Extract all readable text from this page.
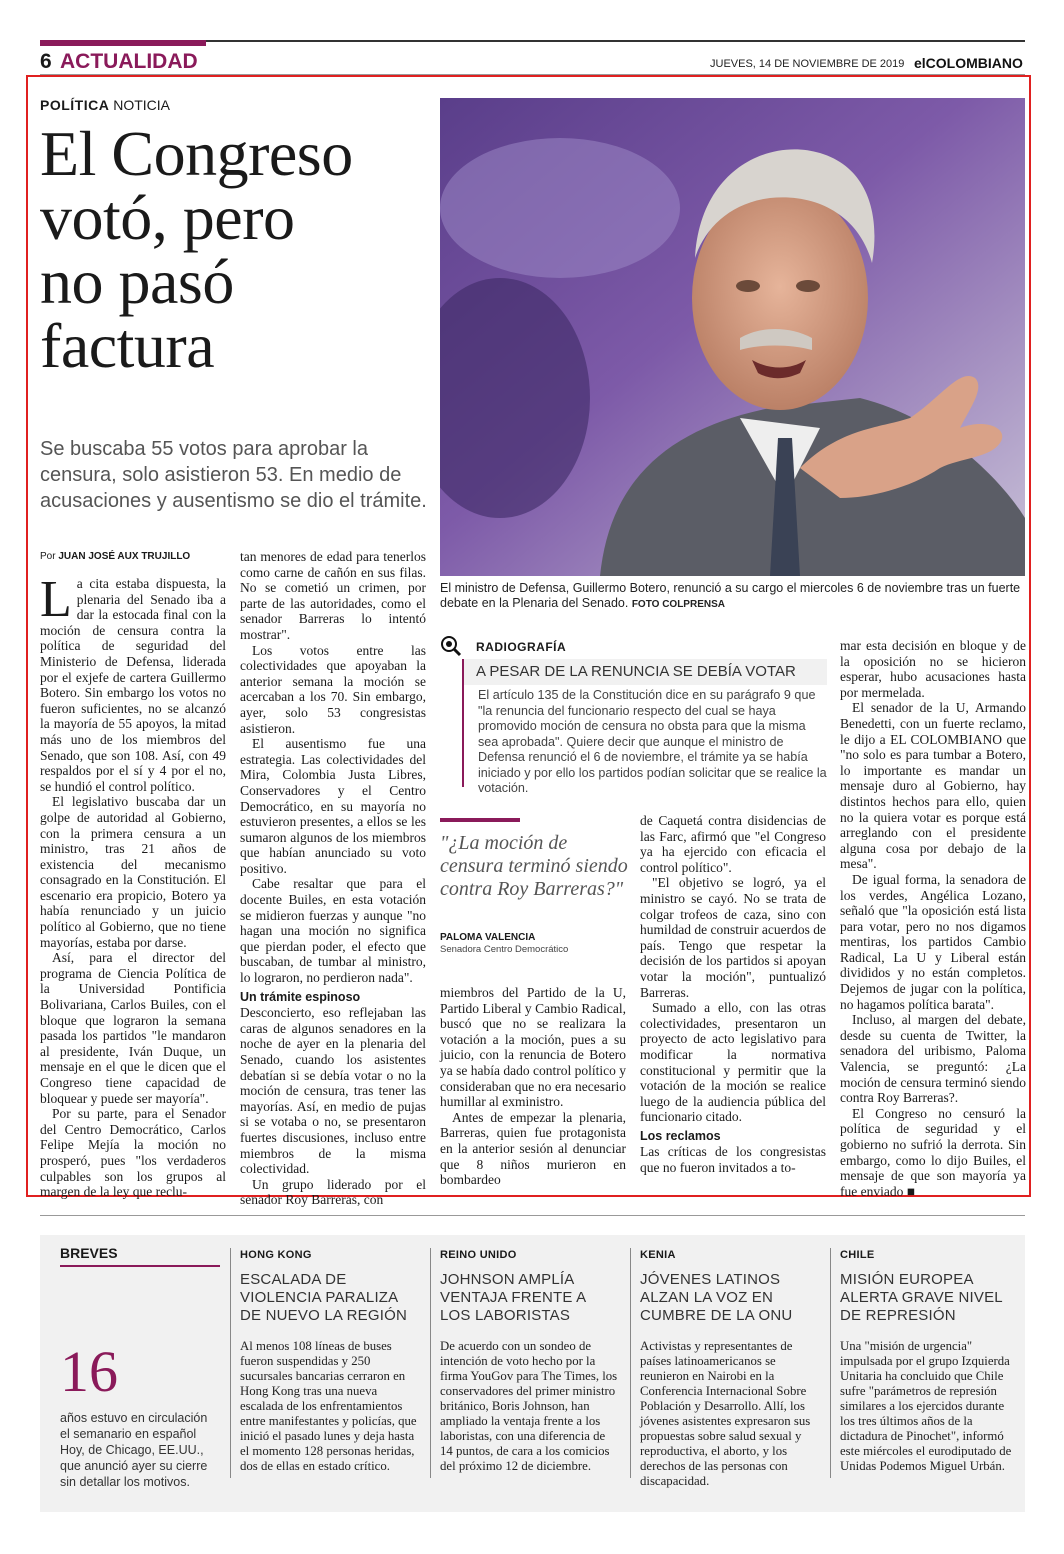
6 ACTUALIDAD	JUEVES, 14 DE NOVIEMBRE DE 2019 elCOLOMBIANO
POLÍTICA NOTICIA
El Congreso
votó, pero
no pasó
factura
Se buscaba 55 votos para aprobar la censura, solo asistieron 53. En medio de acusaciones y ausentismo se dio el trámite.
El ministro de Defensa, Guillermo Botero, renunció a su cargo el miercoles 6 de noviembre tras un fuerte debate en la Plenaria del Senado. FOTO COLPRENSA
Por JUAN JOSÉ AUX TRUJILLO

La cita estaba dispuesta, la plenaria del Senado iba a dar la estocada final con la moción de censura contra la política de seguridad del Ministerio de Defensa, liderada por el exjefe de cartera Guillermo Botero. Sin embargo los votos no fueron suficientes, no se alcanzó la mayoría de 55 apoyos, la mitad más uno de los miembros del Senado, que son 108. Así, con 49 respaldos por el sí y 4 por el no, se hundió el control político.

El legislativo buscaba dar un golpe de autoridad al Gobierno, con la primera censura a un ministro, tras 21 años de existencia del mecanismo consagrado en la Constitución. El escenario era propicio, Botero ya había renunciado y un juicio político al Gobierno, que no tiene mayorías, estaba por darse.

Así, para el director del programa de Ciencia Política de la Universidad Pontificia Bolivariana, Carlos Builes, con el bloque que lograron la semana pasada los partidos "le mandaron al presidente, Iván Duque, un mensaje en el que le dicen que el Congreso tiene capacidad de bloquear y puede ser mayoría".

Por su parte, para el Senador del Centro Democrático, Carlos Felipe Mejía la moción no prosperó, pues "los verdaderos culpables son los grupos al margen de la ley que reclu-

tan menores de edad para tenerlos como carne de cañón en sus filas. No se cometió un crimen, por parte de las autoridades, como el senador Barreras lo intentó mostrar".

Los votos entre las colectividades que apoyaban la anterior semana la moción se acercaban a los 70. Sin embargo, ayer, solo 53 congresistas asistieron.

El ausentismo fue una estrategia. Las colectividades del Mira, Colombia Justa Libres, Conservadores y el Centro Democrático, en su mayoría no estuvieron presentes, a ellos se les sumaron algunos de los miembros que habían anunciado su voto positivo.

Cabe resaltar que para el docente Builes, en esta votación se midieron fuerzas y aunque "no hagan una moción no significa que pierdan poder, el efecto que buscaban, de tumbar al ministro, lo lograron, no perdieron nada".

Un trámite espinoso

Desconcierto, eso reflejaban las caras de algunos senadores en la noche de ayer en la plenaria del Senado, cuando los asistentes debatían si se debía votar o no la moción de censura, tras tener las mayorías. Así, en medio de pujas si se votaba o no, se presentaron fuertes discusiones, incluso entre miembros de la misma colectividad.

Un grupo liderado por el senador Roy Barreras, con

RADIOGRAFÍA
A PESAR DE LA RENUNCIA SE DEBÍA VOTAR
El artículo 135 de la Constitución dice en su parágrafo 9 que "la renuncia del funcionario respecto del cual se haya promovido moción de censura no obsta para que la misma sea aprobada". Quiere decir que aunque el ministro de Defensa renunció el 6 de noviembre, el trámite ya se había iniciado y por ello los partidos podían solicitar que se realice la votación.
"¿La moción de censura terminó siendo contra Roy Barreras?"
PALOMA VALENCIA
Senadora Centro Democrático

miembros del Partido de la U, Partido Liberal y Cambio Radical, buscó que no se realizara la votación a la moción, pues a su juicio, con la renuncia de Botero ya se había dado control político y consideraban que no era necesario humillar al exministro.

Antes de empezar la plenaria, Barreras, quien fue protagonista en la anterior sesión al denunciar que 8 niños murieron en bombardeo

de Caquetá contra disidencias de las Farc, afirmó que "el Congreso ya ha ejercido con eficacia el control político".

"El objetivo se logró, ya el ministro se cayó. No se trata de colgar trofeos de caza, sino con humildad de construir acuerdos de país. Tengo que respetar la decisión de los partidos si apoyan votar la moción", puntualizó Barreras.

Sumado a ello, con las otras colectividades, presentaron un proyecto de acto legislativo para modificar la normativa constitucional y permitir que la votación de la moción se realice luego de la audiencia pública del funcionario citado.

Los reclamos

Las críticas de los congresistas que no fueron invitados a to-

mar esta decisión en bloque y de la oposición no se hicieron esperar, hubo acusaciones hasta por mermelada.

El senador de la U, Armando Benedetti, con un fuerte reclamo, le dijo a EL COLOMBIANO que "no solo es para tumbar a Botero, lo importante es mandar un mensaje duro al Gobierno, hay distintos hechos para ello, quien no la quiera votar es porque está arreglando con el presidente alguna cosa por debajo de la mesa".

De igual forma, la senadora de los verdes, Angélica Lozano, señaló que "la oposición está lista para votar, pero no nos digamos mentiras, los partidos Cambio Radical, La U y Liberal están divididos y no están completos. Dejemos de jugar con la política, no hagamos política barata".

Incluso, al margen del debate, desde su cuenta de Twitter, la senadora del uribismo, Paloma Valencia, se preguntó: ¿La moción de censura terminó siendo contra Roy Barreras?.

El Congreso no censuró la política de seguridad y el gobierno no sufrió la derrota. Sin embargo, como lo dijo Builes, el mensaje de que son mayoría ya fue enviado ■

BREVES
16
años estuvo en circulación el semanario en español Hoy, de Chicago, EE.UU., que anunció ayer su cierre sin detallar los motivos.
HONG KONG
ESCALADA DE VIOLENCIA PARALIZA DE NUEVO LA REGIÓN
Al menos 108 líneas de buses fueron suspendidas y 250 sucursales bancarias cerraron en Hong Kong tras una nueva escalada de los enfrentamientos entre manifestantes y policías, que inició el pasado lunes y deja hasta el momento 128 personas heridas, dos de ellas en estado crítico.
REINO UNIDO
JOHNSON AMPLÍA VENTAJA FRENTE A LOS LABORISTAS
De acuerdo con un sondeo de intención de voto hecho por la firma YouGov para The Times, los conservadores del primer ministro británico, Boris Johnson, han ampliado la ventaja frente a los laboristas, con una diferencia de 14 puntos, de cara a los comicios del próximo 12 de diciembre.
KENIA
JÓVENES LATINOS ALZAN LA VOZ EN CUMBRE DE LA ONU
Activistas y representantes de países latinoamericanos se reunieron en Nairobi en la Conferencia Internacional Sobre Población y Desarrollo. Allí, los jóvenes asistentes expresaron sus propuestas sobre salud sexual y reproductiva, el aborto, y los derechos de las personas con discapacidad.
CHILE
MISIÓN EUROPEA ALERTA GRAVE NIVEL DE REPRESIÓN
Una "misión de urgencia" impulsada por el grupo Izquierda Unitaria ha concluido que Chile sufre "parámetros de represión similares a los ejercidos durante los tres últimos años de la dictadura de Pinochet", informó este miércoles el eurodiputado de Unidas Podemos Miguel Urbán.
